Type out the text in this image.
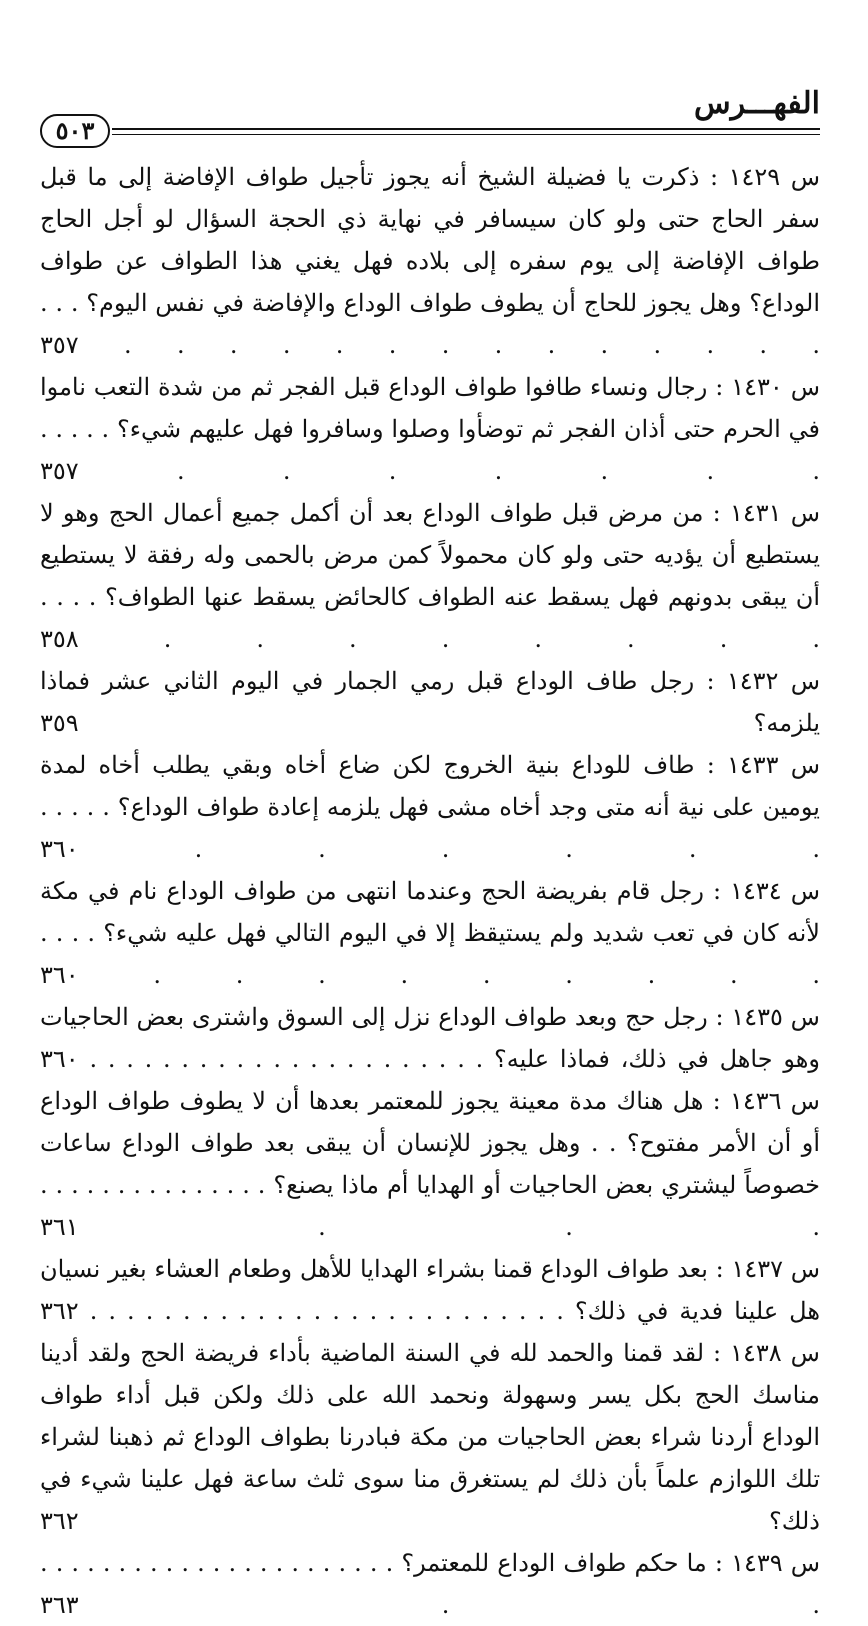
الفهـــرس
٥٠٣
س ١٤٢٩ : ذكرت يا فضيلة الشيخ أنه يجوز تأجيل طواف الإفاضة إلى ما قبل سفر الحاج حتى ولو كان سيسافر في نهاية ذي الحجة السؤال لو أجل الحاج طواف الإفاضة إلى يوم سفره إلى بلاده فهل يغني هذا الطواف عن طواف الوداع؟ وهل يجوز للحاج أن يطوف طواف الوداع والإفاضة في نفس اليوم؟ . . . . . . . . . . . . . . . . . ٣٥٧
س ١٤٣٠ : رجال ونساء طافوا طواف الوداع قبل الفجر ثم من شدة التعب ناموا في الحرم حتى أذان الفجر ثم توضأوا وصلوا وسافروا فهل عليهم شيء؟ . . . . . . . . . . . . ٣٥٧
س ١٤٣١ : من مرض قبل طواف الوداع بعد أن أكمل جميع أعمال الحج وهو لا يستطيع أن يؤديه حتى ولو كان محمولاً كمن مرض بالحمى وله رفقة لا يستطيع أن يبقى بدونهم فهل يسقط عنه الطواف كالحائض يسقط عنها الطواف؟ . . . . . . . . . . . . ٣٥٨
س ١٤٣٢ : رجل طاف الوداع قبل رمي الجمار في اليوم الثاني عشر فماذا يلزمه؟ ٣٥٩
س ١٤٣٣ : طاف للوداع بنية الخروج لكن ضاع أخاه وبقي يطلب أخاه لمدة يومين على نية أنه متى وجد أخاه مشى فهل يلزمه إعادة طواف الوداع؟ . . . . . . . . . . . ٣٦٠
س ١٤٣٤ : رجل قام بفريضة الحج وعندما انتهى من طواف الوداع نام في مكة لأنه كان في تعب شديد ولم يستيقظ إلا في اليوم التالي فهل عليه شيء؟ . . . . . . . . . . . . . ٣٦٠
س ١٤٣٥ : رجل حج وبعد طواف الوداع نزل إلى السوق واشترى بعض الحاجيات وهو جاهل في ذلك، فماذا عليه؟ . . . . . . . . . . . . . . . . . . . . . . ٣٦٠
س ١٤٣٦ : هل هناك مدة معينة يجوز للمعتمر بعدها أن لا يطوف طواف الوداع أو أن الأمر مفتوح؟ . . وهل يجوز للإنسان أن يبقى بعد طواف الوداع ساعات خصوصاً ليشتري بعض الحاجيات أو الهدايا أم ماذا يصنع؟ . . . . . . . . . . . . . . . . . . ٣٦١
س ١٤٣٧ : بعد طواف الوداع قمنا بشراء الهدايا للأهل وطعام العشاء بغير نسيان هل علينا فدية في ذلك؟ . . . . . . . . . . . . . . . . . . . . . . . . . . ٣٦٢
س ١٤٣٨ : لقد قمنا والحمد لله في السنة الماضية بأداء فريضة الحج ولقد أدينا مناسك الحج بكل يسر وسهولة ونحمد الله على ذلك ولكن قبل أداء طواف الوداع أردنا شراء بعض الحاجيات من مكة فبادرنا بطواف الوداع ثم ذهبنا لشراء تلك اللوازم علماً بأن ذلك لم يستغرق منا سوى ثلث ساعة فهل علينا شيء في ذلك؟ ٣٦٢
س ١٤٣٩ : ما حكم طواف الوداع للمعتمر؟ . . . . . . . . . . . . . . . . . . . . . . . . . ٣٦٣
